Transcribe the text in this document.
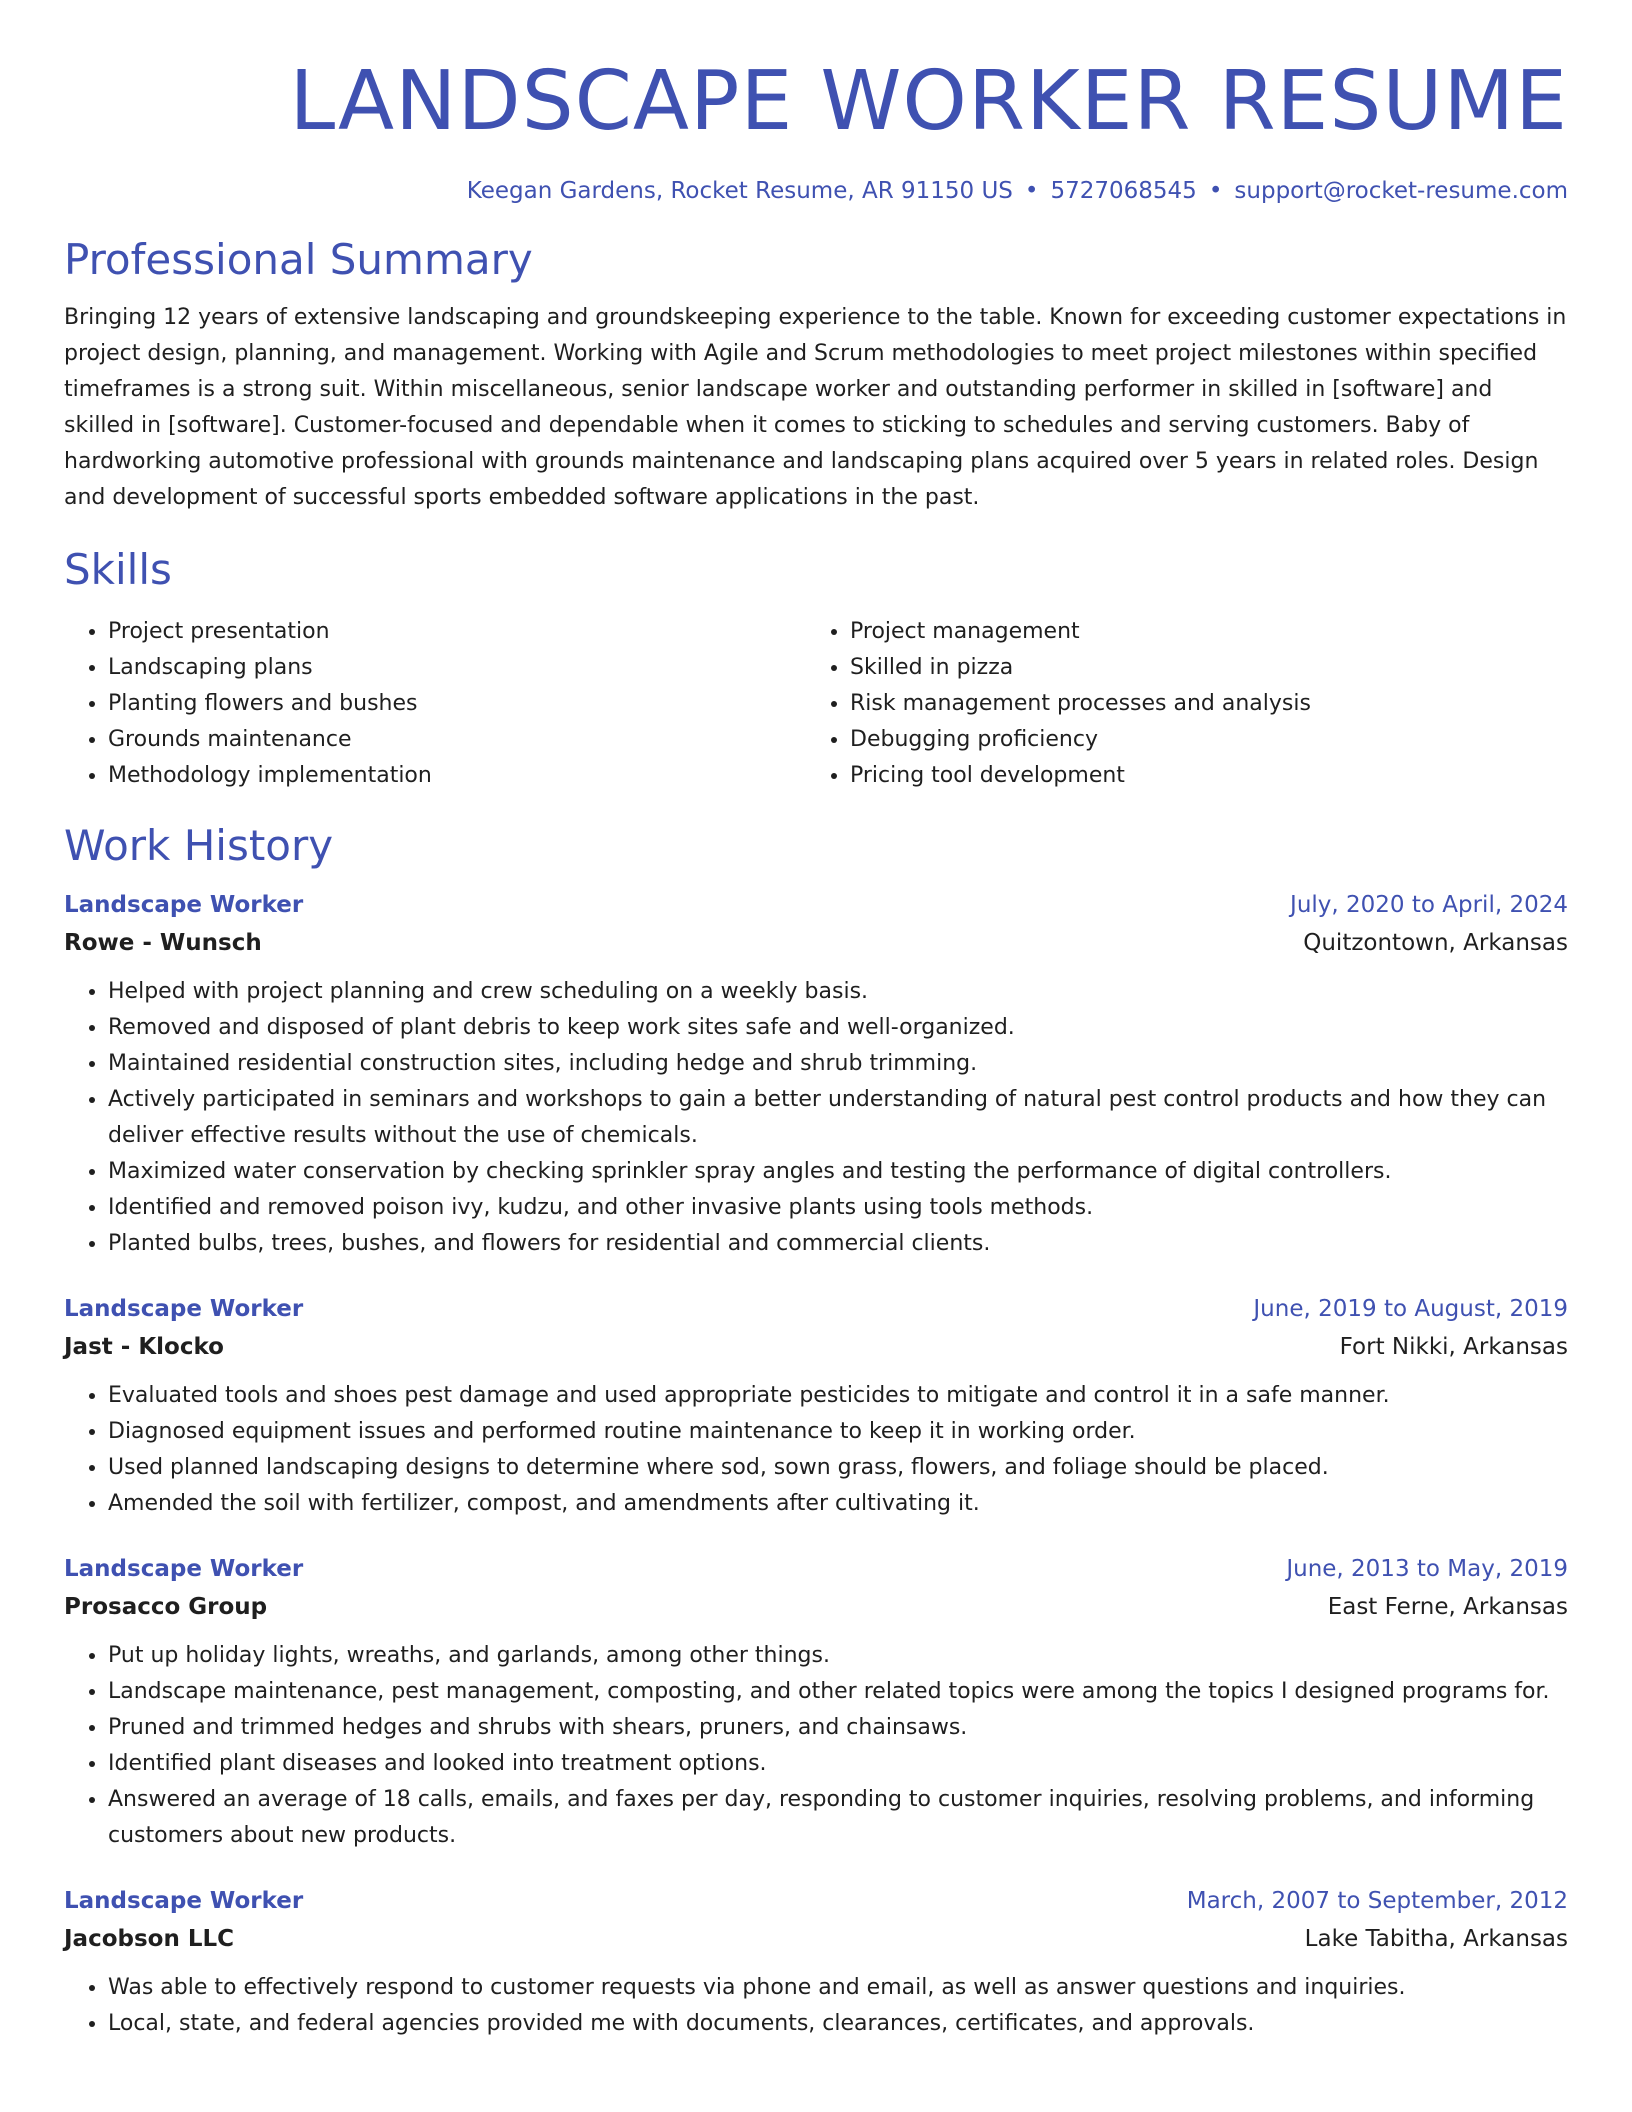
LANDSCAPE WORKER RESUME
Keegan Gardens, Rocket Resume, AR 91150 US • 5727068545 • support@rocket-resume.com
Professional Summary
Bringing 12 years of extensive landscaping and groundskeeping experience to the table. Known for exceeding customer expectations in project design, planning, and management. Working with Agile and Scrum methodologies to meet project milestones within specified timeframes is a strong suit. Within miscellaneous, senior landscape worker and outstanding performer in skilled in [software] and skilled in [software]. Customer-focused and dependable when it comes to sticking to schedules and serving customers. Baby of hardworking automotive professional with grounds maintenance and landscaping plans acquired over 5 years in related roles. Design and development of successful sports embedded software applications in the past.
Skills
• Project presentation
• Landscaping plans
• Planting flowers and bushes
• Grounds maintenance
• Methodology implementation
• Project management
• Skilled in pizza
• Risk management processes and analysis
• Debugging proficiency
• Pricing tool development
Work History
Landscape Worker	July, 2020 to April, 2024
Rowe - Wunsch	Quitzontown, Arkansas
• Helped with project planning and crew scheduling on a weekly basis.
• Removed and disposed of plant debris to keep work sites safe and well-organized.
• Maintained residential construction sites, including hedge and shrub trimming.
• Actively participated in seminars and workshops to gain a better understanding of natural pest control products and how they can deliver effective results without the use of chemicals.
• Maximized water conservation by checking sprinkler spray angles and testing the performance of digital controllers.
• Identified and removed poison ivy, kudzu, and other invasive plants using tools methods.
• Planted bulbs, trees, bushes, and flowers for residential and commercial clients.
Landscape Worker	June, 2019 to August, 2019
Jast - Klocko	Fort Nikki, Arkansas
• Evaluated tools and shoes pest damage and used appropriate pesticides to mitigate and control it in a safe manner.
• Diagnosed equipment issues and performed routine maintenance to keep it in working order.
• Used planned landscaping designs to determine where sod, sown grass, flowers, and foliage should be placed.
• Amended the soil with fertilizer, compost, and amendments after cultivating it.
Landscape Worker	June, 2013 to May, 2019
Prosacco Group	East Ferne, Arkansas
• Put up holiday lights, wreaths, and garlands, among other things.
• Landscape maintenance, pest management, composting, and other related topics were among the topics I designed programs for.
• Pruned and trimmed hedges and shrubs with shears, pruners, and chainsaws.
• Identified plant diseases and looked into treatment options.
• Answered an average of 18 calls, emails, and faxes per day, responding to customer inquiries, resolving problems, and informing customers about new products.
Landscape Worker	March, 2007 to September, 2012
Jacobson LLC	Lake Tabitha, Arkansas
• Was able to effectively respond to customer requests via phone and email, as well as answer questions and inquiries.
• Local, state, and federal agencies provided me with documents, clearances, certificates, and approvals.
